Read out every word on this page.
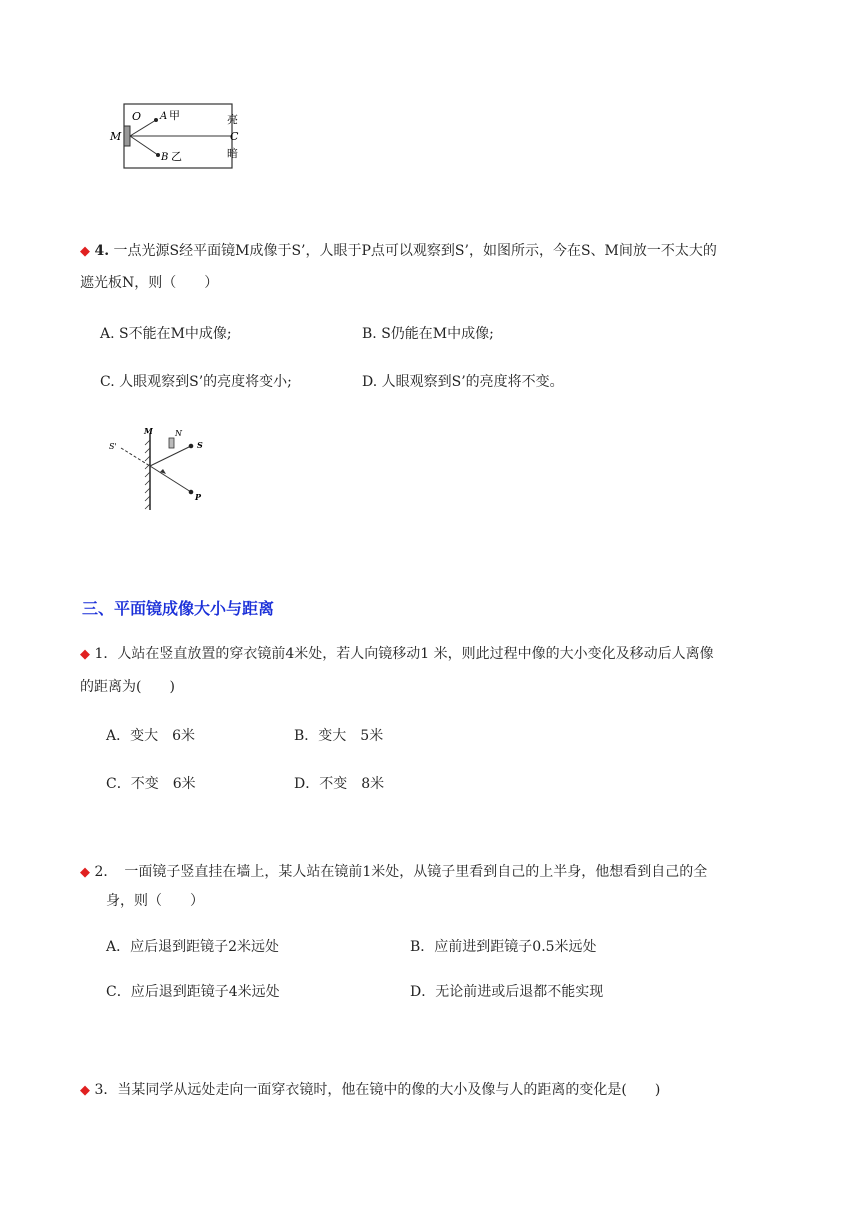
O A 甲
M
B 乙
亮
C
暗
◆ 4. 一点光源S经平面镜M成像于S’，人眼于P点可以观察到S’，如图所示，今在S、M间放一不太大的
遮光板N，则（　　）
A. S不能在M中成像;	B. S仍能在M中成像;
C. 人眼观察到S’的亮度将变小;	D. 人眼观察到S’的亮度将不变。
S'
M	N
S
P
三、平面镜成像大小与距离
◆ 1．人站在竖直放置的穿衣镜前4米处，若人向镜移动1 米，则此过程中像的大小变化及移动后人离像
的距离为(　　)
A．变大　6米	B．变大　5米
C．不变　6米	D．不变　8米
◆ 2．　一面镜子竖直挂在墙上，某人站在镜前1米处，从镜子里看到自己的上半身，他想看到自己的全
身，则（　　）
A．应后退到距镜子2米远处	B．应前进到距镜子0.5米远处
C．应后退到距镜子4米远处	D．无论前进或后退都不能实现
◆ 3．当某同学从远处走向一面穿衣镜时，他在镜中的像的大小及像与人的距离的变化是(　　)
